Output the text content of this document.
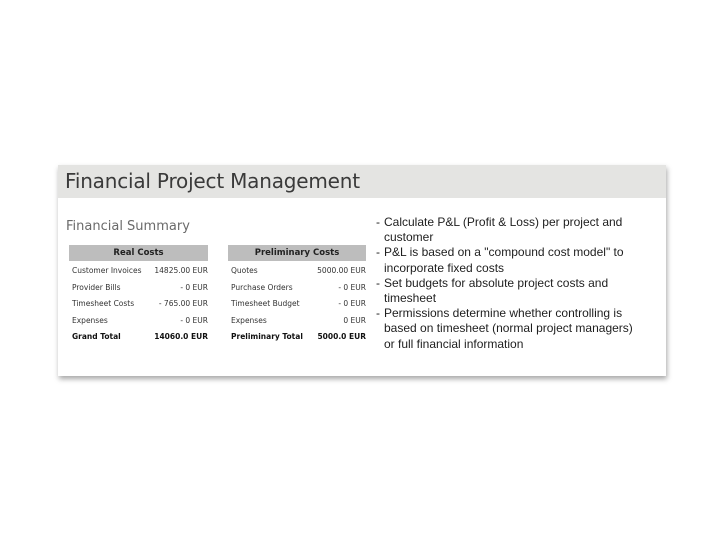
Financial Project Management
Financial Summary
Real Costs
Customer Invoices 14825.00 EUR
Provider Bills	- 0 EUR
Timesheet Costs	- 765.00 EUR
Expenses	- 0 EUR
Grand Total	14060.0 EUR
Preliminary Costs
Quotes	5000.00 EUR
Purchase Orders	- 0 EUR
Timesheet Budget	- 0 EUR
Expenses	0 EUR
Preliminary Total 5000.0 EUR
- Calculate P&L (Profit & Loss) per project and customer
- P&L is based on a "compound cost model" to incorporate fixed costs
- Set budgets for absolute project costs and timesheet
- Permissions determine whether controlling is based on timesheet (normal project managers) or full financial information
